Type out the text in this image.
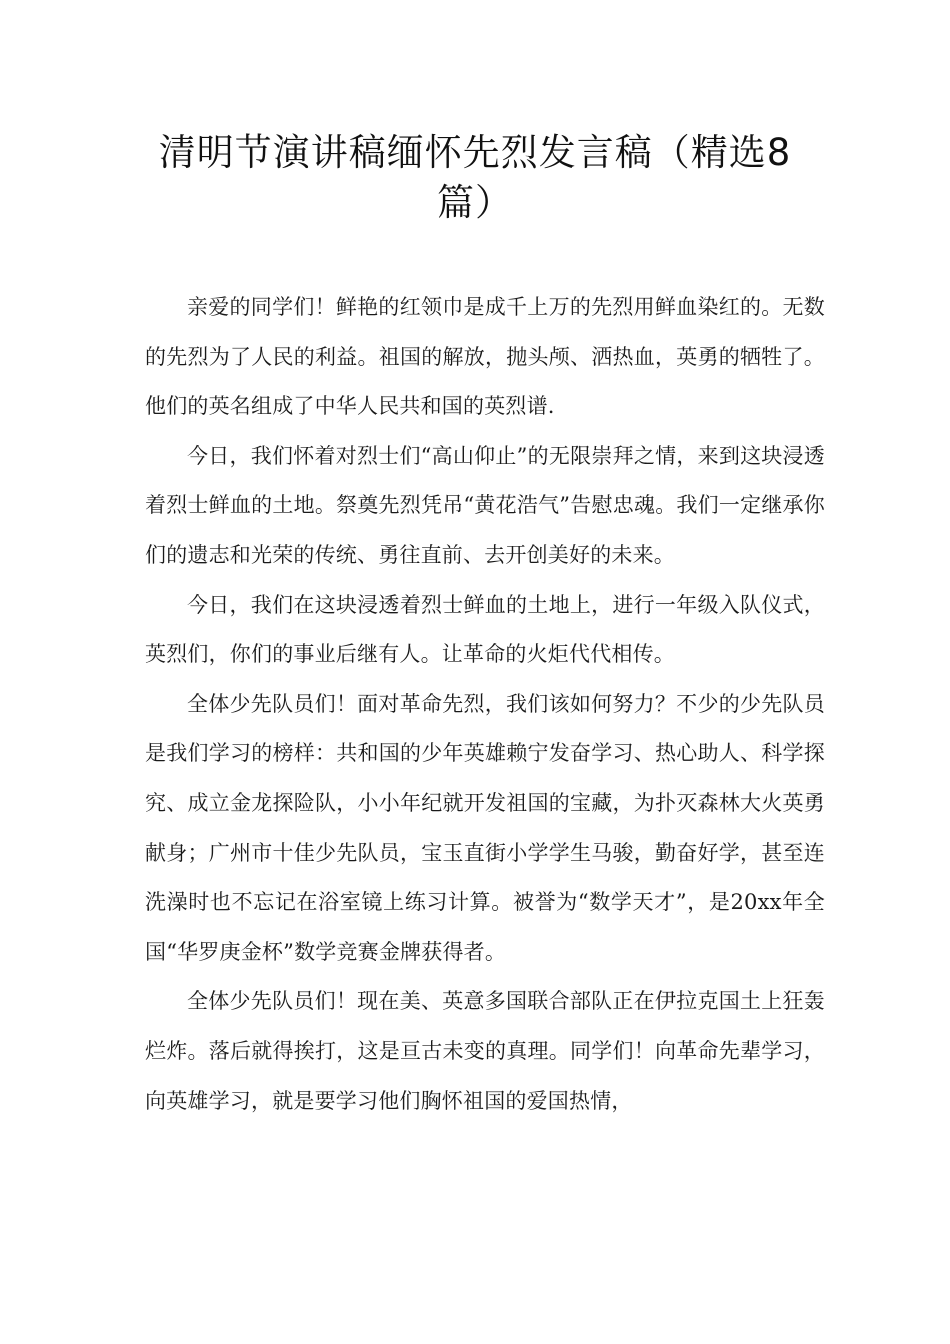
清明节演讲稿缅怀先烈发言稿（精选8篇）

亲爱的同学们！鲜艳的红领巾是成千上万的先烈用鲜血染红的。无数的先烈为了人民的利益。祖国的解放，抛头颅、洒热血，英勇的牺牲了。他们的英名组成了中华人民共和国的英烈谱.

今日，我们怀着对烈士们“高山仰止”的无限崇拜之情，来到这块浸透着烈士鲜血的土地。祭奠先烈凭吊“黄花浩气”告慰忠魂。我们一定继承你们的遗志和光荣的传统、勇往直前、去开创美好的未来。

今日，我们在这块浸透着烈士鲜血的土地上，进行一年级入队仪式，英烈们，你们的事业后继有人。让革命的火炬代代相传。

全体少先队员们！面对革命先烈，我们该如何努力？不少的少先队员是我们学习的榜样：共和国的少年英雄赖宁发奋学习、热心助人、科学探究、成立金龙探险队，小小年纪就开发祖国的宝藏，为扑灭森林大火英勇献身；广州市十佳少先队员，宝玉直街小学学生马骏，勤奋好学，甚至连洗澡时也不忘记在浴室镜上练习计算。被誉为“数学天才”，是20xx年全国“华罗庚金杯”数学竞赛金牌获得者。

全体少先队员们！现在美、英意多国联合部队正在伊拉克国土上狂轰烂炸。落后就得挨打，这是亘古未变的真理。同学们！向革命先辈学习，向英雄学习，就是要学习他们胸怀祖国的爱国热情，
